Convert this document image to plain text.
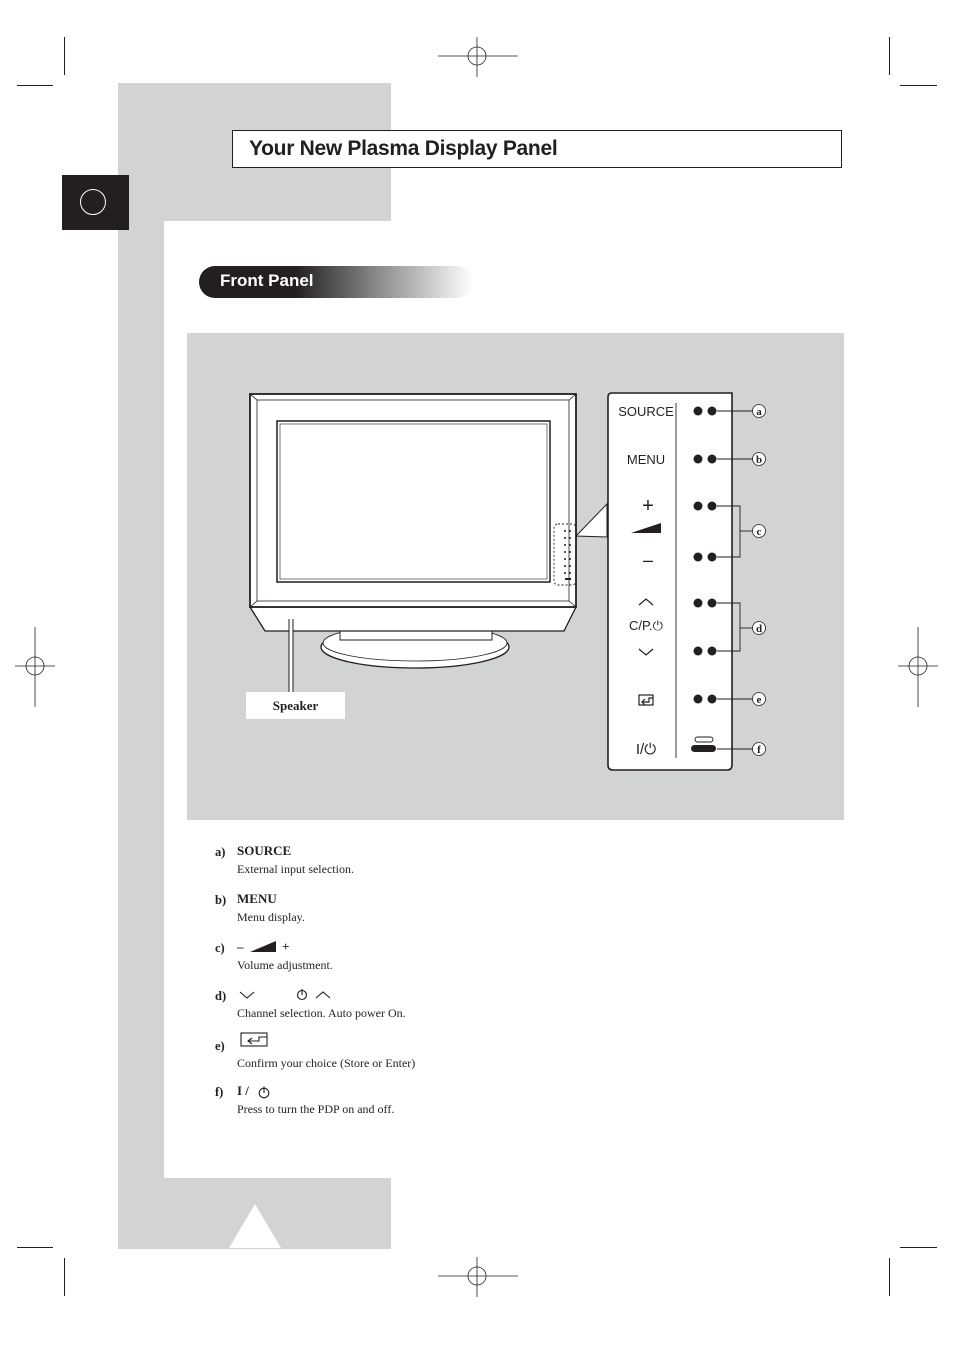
Your New Plasma Display Panel
Front Panel
SOURCE
MENU
+
–
C/P.⏻
I/⏻
a
b
c
d
e
f
Speaker
a) SOURCE
External input selection.
b) MENU
Menu display.
c) –	+
Volume adjustment.
d)
Channel selection. Auto power On.
e)
Confirm your choice (Store or Enter)
f) I /
Press to turn the PDP on and off.
